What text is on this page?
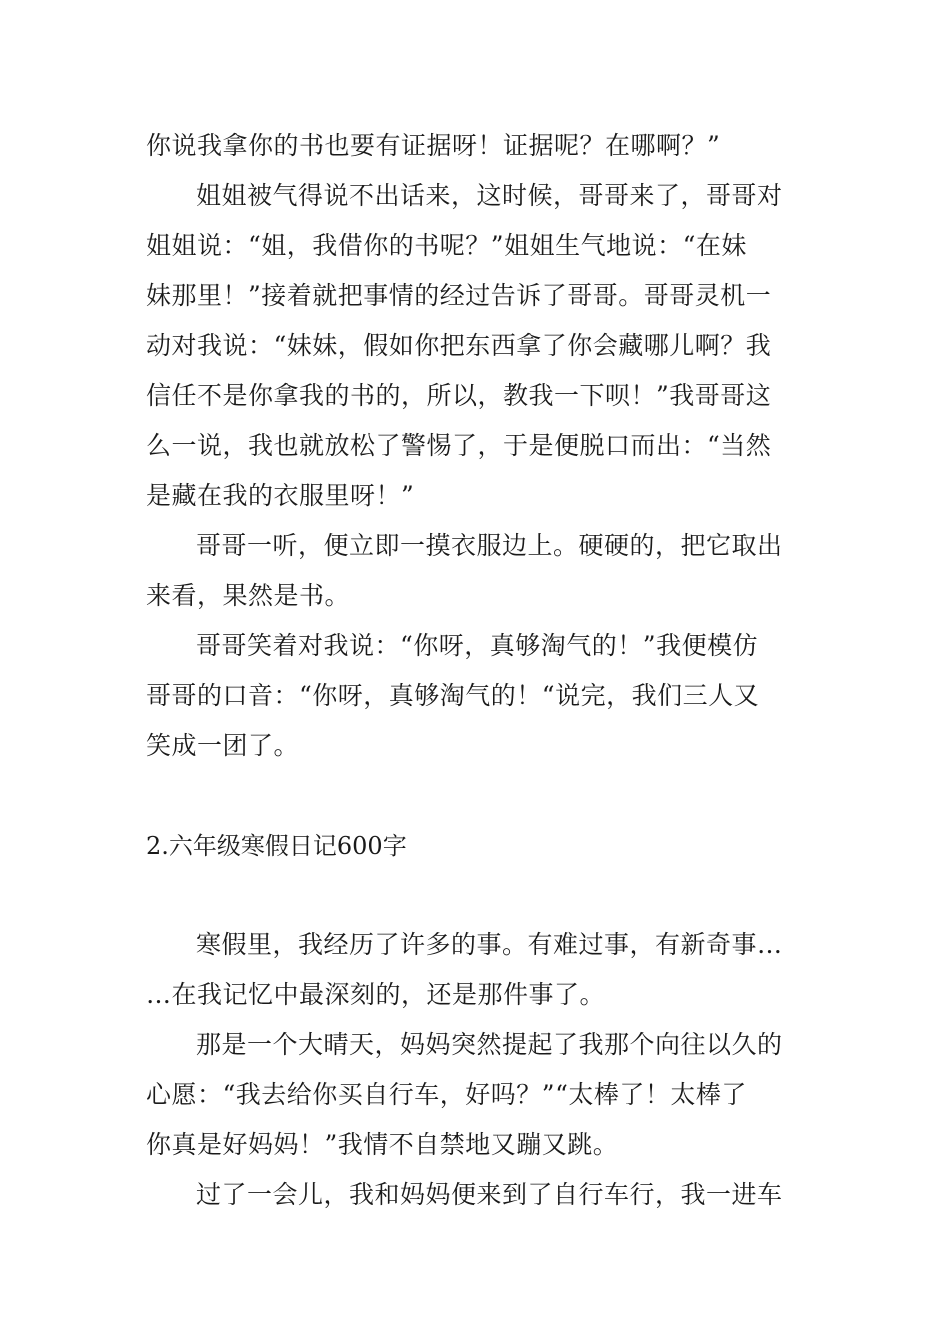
你说我拿你的书也要有证据呀！证据呢？在哪啊？”
姐姐被气得说不出话来，这时候，哥哥来了，哥哥对
姐姐说：“姐，我借你的书呢？”姐姐生气地说：“在妹
妹那里！”接着就把事情的经过告诉了哥哥。哥哥灵机一
动对我说：“妹妹，假如你把东西拿了你会藏哪儿啊？我
信任不是你拿我的书的，所以，教我一下呗！”我哥哥这
么一说，我也就放松了警惕了，于是便脱口而出：“当然
是藏在我的衣服里呀！”
哥哥一听，便立即一摸衣服边上。硬硬的，把它取出
来看，果然是书。
哥哥笑着对我说：“你呀，真够淘气的！”我便模仿
哥哥的口音：“你呀，真够淘气的！“说完，我们三人又
笑成一团了。
2.六年级寒假日记600字
寒假里，我经历了许多的事。有难过事，有新奇事…
…在我记忆中最深刻的，还是那件事了。
那是一个大晴天，妈妈突然提起了我那个向往以久的
心愿：“我去给你买自行车，好吗？”“太棒了！太棒了
你真是好妈妈！”我情不自禁地又蹦又跳。
过了一会儿，我和妈妈便来到了自行车行，我一进车
